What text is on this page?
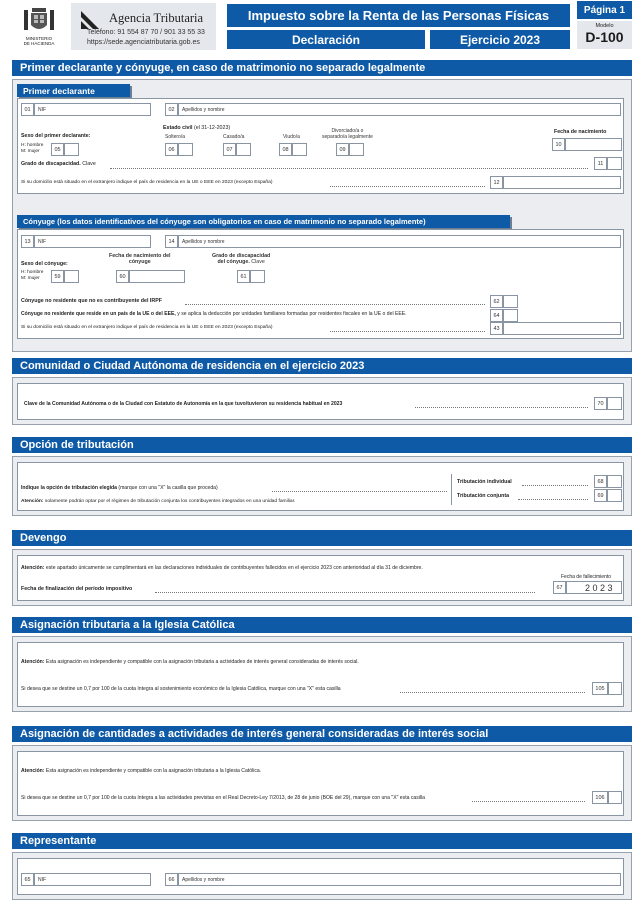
MINISTERIO
DE HACIENDA
Agencia Tributaria
Teléfono: 91 554 87 70 / 901 33 55 33
https://sede.agenciatributaria.gob.es
Impuesto sobre la Renta de las Personas Físicas
Declaración	Ejercicio 2023
Página 1
Modelo
D-100
Primer declarante y cónyuge, en caso de matrimonio no separado legalmente
Primer declarante
01	NIF	02	Apellidos y nombre
Sexo del primer declarante:
H: hombre
M: mujer	05
Estado civil (el 31-12-2023)
Soltero/a
06
Casado/a
07
Viudo/a
08
Divorciado/a o
separado/a legalmente
09
Fecha de nacimiento
10
Grado de discapacidad. Clave	11
Si su domicilio está situado en el extranjero indique el país de residencia en la UE o EEE en 2023 (excepto España)	12
Cónyuge (los datos identificativos del cónyuge son obligatorios en caso de matrimonio no separado legalmente)
13	NIF	14	Apellidos y nombre
Sexo del cónyuge:
H: hombre
M: mujer	59
Fecha de nacimiento del
cónyuge
60
Grado de discapacidad
del cónyuge. Clave
61
Cónyuge no residente que no es contribuyente del IRPF	62
Cónyuge no residente que reside en un país de la UE o del EEE, y se aplica la deducción por unidades familiares formadas por residentes fiscales en la UE o del EEE.	64
Si su domicilio está situado en el extranjero indique el país de residencia en la UE o EEE en 2023 (excepto España)	43
Comunidad o Ciudad Autónoma de residencia en el ejercicio 2023
Clave de la Comunidad Autónoma o de la Ciudad con Estatuto de Autonomía en la que tuvo/tuvieron su residencia habitual en 2023	70
Opción de tributación
Indique la opción de tributación elegida (marque con una "X" la casilla que proceda)
Atención: solamente podrán optar por el régimen de tributación conjunta los contribuyentes integrados en una unidad familiar.
Tributación individual	68
Tributación conjunta	69
Devengo
Atención: este apartado únicamente se cumplimentará en las declaraciones individuales de contribuyentes fallecidos en el ejercicio 2023 con anterioridad al día 31 de diciembre.
Fecha de fallecimiento
Fecha de finalización del período impositivo	67	2023
Asignación tributaria a la Iglesia Católica
Atención: Esta asignación es independiente y compatible con la asignación tributaria a actividades de interés general consideradas de interés social.
Si desea que se destine un 0,7 por 100 de la cuota íntegra al sostenimiento económico de la Iglesia Católica, marque con una "X" esta casilla	105
Asignación de cantidades a actividades de interés general consideradas de interés social
Atención: Esta asignación es independiente y compatible con la asignación tributaria a la Iglesia Católica.
Si desea que se destine un 0,7 por 100 de la cuota íntegra a las actividades previstas en el Real Decreto-Ley 7/2013, de 28 de junio (BOE del 29), marque con una "X" esta casilla	106
Representante
65	NIF	66	Apellidos y nombre
